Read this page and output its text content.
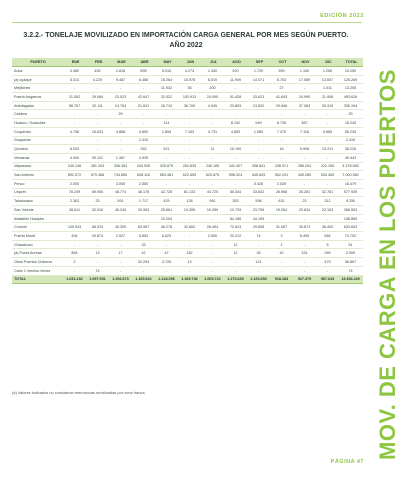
EDICIÓN 2022
3.2.2.- TONELAJE MOVILIZADO EN IMPORTACIÓN CARGA GENERAL POR MES SEGÚN PUERTO.
AÑO 2022
PUERTO	ENE	FEB	MAR	ABR	MAY	JUN	JUL	AGO	SEP	OCT	NOV	DIC	TOTAL
Arica	3.460	453	2.818	895	5.015	4.274	1.340	920	1.729	959	1.100	1.265	24.250
(a) Iquique	5.314	4.229	9.487	6.458	15.264	15.978	6.519	11.949	14.071	5.703	17.089	13.607	125.269
Mejillones	-	-	-	-	11.932	35	200	-	-	27	-	1.011	13.205
Puerto Angamos	21.552	29.984	23.023	42.647	32.022	103.913	24.095	51.428	33.623	41.643	24.990	21.908	493.626
Antofagasta	58.757	32.111	24.754	21.631	26.719	36.700	4.945	23.893	13.832	29.846	37.083	25.319	335.194
Caldera	-	-	29	-	-	-	-	-	-	-	-	-	29
Huasco / Guacolda	-	-	-	-	114	-	-	8.132	949	6.735	367	-	16.245
Coquimbo	4.798	15.633	4.868	4.850	1.894	7.153	4.731	4.853	1.983	7.475	7.118	5.669	65.235
Guayacán	-	-	-	2.410	-	-	-	-	-	-	-	-	2.410
Quintero	8.003	-	-	352	521	-	21	10.190	-	16	5.908	13.211	38.226
Ventanas	4.000	39.122	1.387	4.935	-	-	-	-	-	-	-	-	49.443
Valparaíso	249.146	281.343	306.353	243.928	325.679	263.835	246.185	342.407	358.841	238.971	286.294	222.155	3.378.983
San Antonio	692.572	579.468	744.856	628.116	653.481	622.659	620.875	596.324	545.625	502.201	440.280	533.465	7.000.360
Penco	2.000	-	3.000	2.550	-	-	-	-	5.428	2.539	-	-	18.479
Lirquén	78.249	89.950	48.774	48.178	42.726	61.133	44.720	50.344	33.832	26.968	26.281	32.781	577.939
Talcahuano	2.363	33	591	1.717	429	128	961	353	598	631	23	312	9.250
San Vicente	28.611	32.016	46.240	33.903	25.661	19.285	19.289	13.729	23.795	19.264	20.834	22.163	266.553
Abastible Hualpén	-	-	-	-	10.204	-	-	84.186	44.199	-	-	-	138.589
Coronel	109.943	68.033	40.309	83.967	46.278	32.662	26.494	72.613	29.808	31.087	39.873	36.400	633.603
Puerto Montt	494	29.874	2.527	5.853	6.623	-	2.950	22.212	74	3	5.495	684	74.702
Chacabuco	-	-	-	33	-	-	-	12	-	1	-	5	51
(a) Punta Arenas	854	13	17	42	47	182	-	12	28	42	331	289	2.059
Otros Puertos Chilenos	2	-	-	32.254	3.726	13	-	-	121	-	-	479	36.867
Cabo 1 Vientos Veces	-	74	-	-	-	-	-	-	-	-	-	-	74
TOTAL	1.031.232	1.097.051	1.206.673	1.165.522	1.218.396	1.169.746	1.003.722	1.273.629	1.129.293	918.183	927.379	967.643	13.354.249
(a) Valores indicados no consideran mercancías movilizadas por zona franca.	MOV. DE CARGA EN LOS PUERTOS
PÁGINA 47
